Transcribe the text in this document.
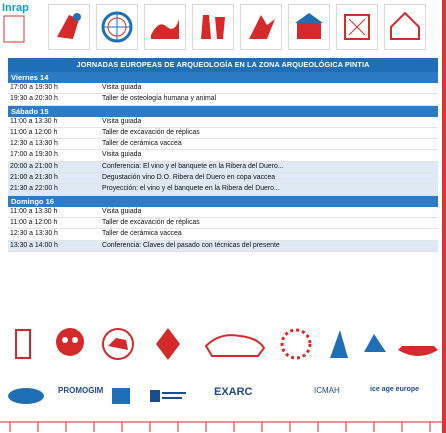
Inrap
JORNADAS EUROPEAS DE ARQUEOLOGÍA EN LA ZONA ARQUEOLÓGICA PINTIA
Viernes 14
17:00 a 19:30 h	Visita guiada
19:30 a 20:30 h	Taller de osteología humana y animal
Sábado 15
11:00 a 13:30 h	Visita guiada
11:00 a 12:00 h	Taller de excavación de réplicas
12:30 a 13:30 h	Taller de cerámica vaccea
17:00 a 19:30 h	Visita guiada
20:00 a 21:00 h	Conferencia: El vino y el banquete en la Ribera del Duero...
21:00 a 21:30 h	Degustación vino D.O. Ribera del Duero en copa vaccea
21:30 a 22:00 h	Proyección: el vino y el banquete en la Ribera del Duero...
Domingo 16
11:00 a 13:30 h	Visita guiada
11:00 a 12:00 h	Taller de excavación de réplicas
12:30 a 13:30 h	Taller de cerámica vaccea
13:30 a 14:00 h	Conferencia: Claves del pasado con técnicas del presente
PROMOGIM	EXARC	ICMAH	ice age europe
